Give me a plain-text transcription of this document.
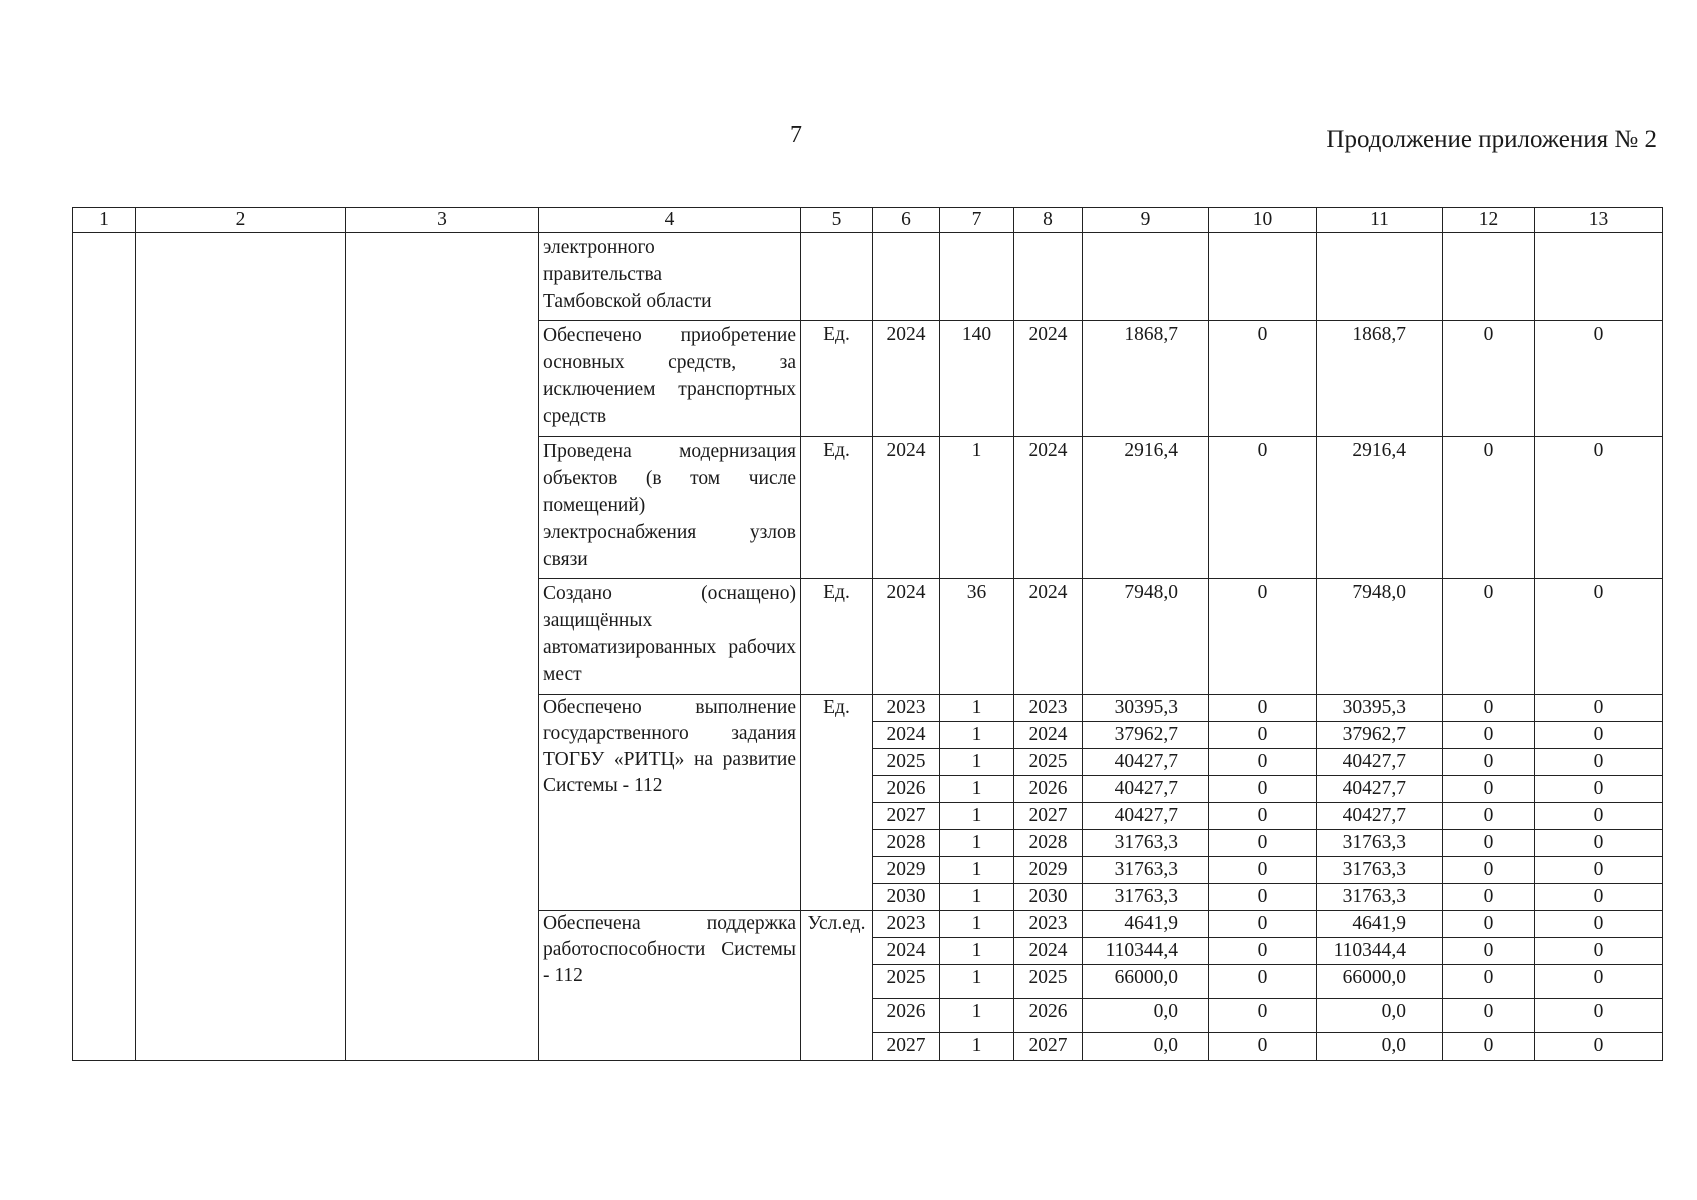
7	Продолжение приложения № 2
1	2	3	4	5	6	7	8	9	10	11	12	13

			электронного правительства Тамбовской области									

			Обеспечено приобретение основных средств, за исключением транспортных средств	Ед.	2024	140	2024	1868,7	0	1868,7	0	0
			Проведена модернизация объектов (в том числе помещений) электроснабжения узлов связи	Ед.	2024	1	2024	2916,4	0	2916,4	0	0
			Создано (оснащено) защищённых автоматизированных рабочих мест	Ед.	2024	36	2024	7948,0	0	7948,0	0	0
			Обеспечено выполнение государственного задания ТОГБУ «РИТЦ» на развитие Системы - 112	Ед.	2023	1	2023	30395,3	0	30395,3	0	0
					2024	1	2024	37962,7	0	37962,7	0	0
					2025	1	2025	40427,7	0	40427,7	0	0
					2026	1	2026	40427,7	0	40427,7	0	0
					2027	1	2027	40427,7	0	40427,7	0	0
					2028	1	2028	31763,3	0	31763,3	0	0
					2029	1	2029	31763,3	0	31763,3	0	0
					2030	1	2030	31763,3	0	31763,3	0	0
			Обеспечена поддержка работоспособности Системы - 112	Усл.ед.	2023	1	2023	4641,9	0	4641,9	0	0
					2024	1	2024	110344,4	0	110344,4	0	0
					2025	1	2025	66000,0	0	66000,0	0	0
					2026	1	2026	0,0	0	0,0	0	0
					2027	1	2027	0,0	0	0,0	0	0
